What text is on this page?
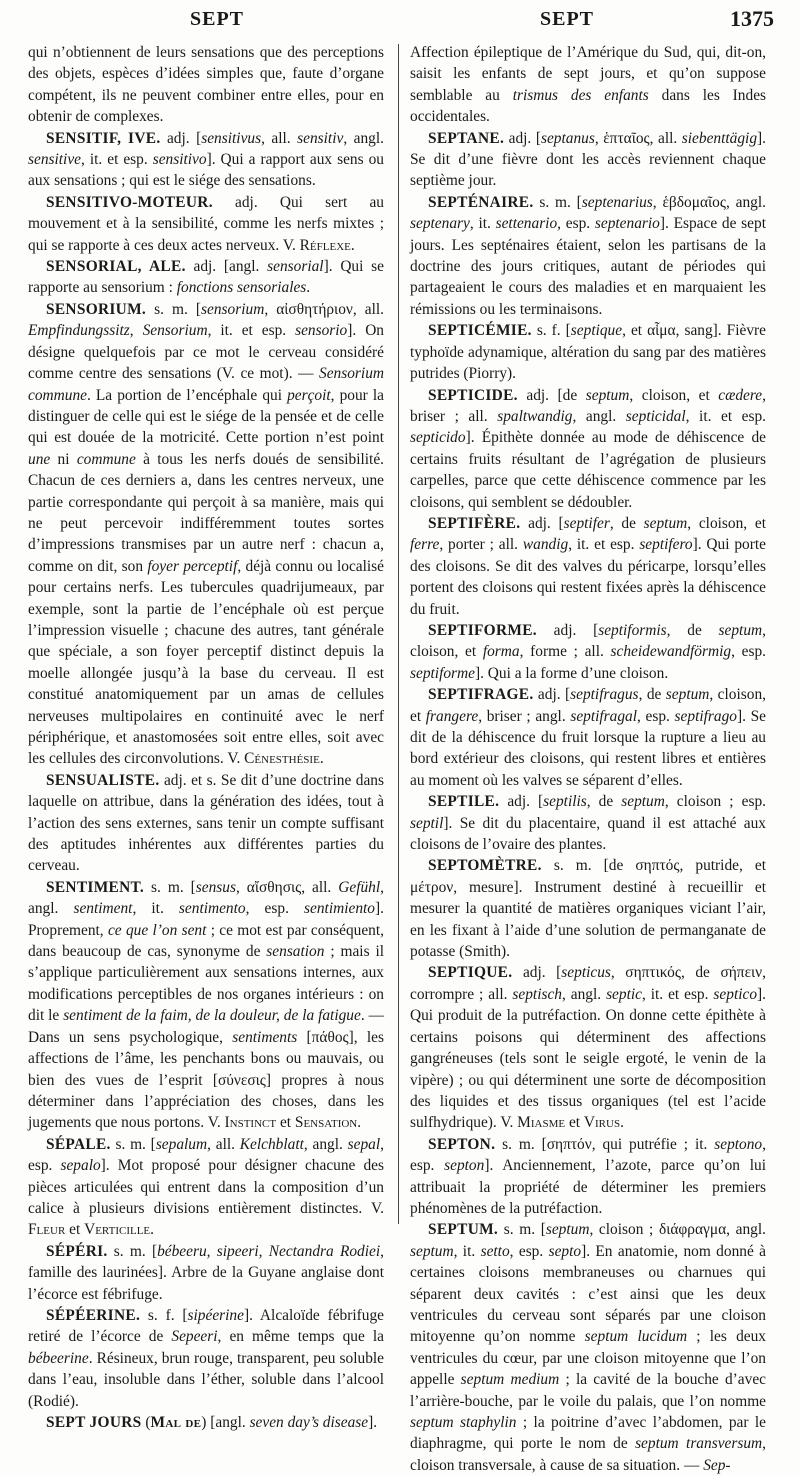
SEPT	SEPT	1375

qui n’obtiennent de leurs sensations que des perceptions des objets, espèces d’idées simples que, faute d’organe compétent, ils ne peuvent combiner entre elles, pour en obtenir de complexes.

SENSITIF, IVE. adj. [sensitivus, all. sensitiv, angl. sensitive, it. et esp. sensitivo]. Qui a rapport aux sens ou aux sensations ; qui est le siége des sensations.

SENSITIVO-MOTEUR. adj. Qui sert au mouvement et à la sensibilité, comme les nerfs mixtes ; qui se rapporte à ces deux actes nerveux. V. Réflexe.

SENSORIAL, ALE. adj. [angl. sensorial]. Qui se rapporte au sensorium : fonctions sensoriales.

SENSORIUM. s. m. [sensorium, αἰσθητήριον, all. Empfindungssitz, Sensorium, it. et esp. sensorio]. On désigne quelquefois par ce mot le cerveau considéré comme centre des sensations (V. ce mot). — Sensorium commune. La portion de l’encéphale qui perçoit, pour la distinguer de celle qui est le siége de la pensée et de celle qui est douée de la motricité. Cette portion n’est point une ni commune à tous les nerfs doués de sensibilité. Chacun de ces derniers a, dans les centres nerveux, une partie correspondante qui perçoit à sa manière, mais qui ne peut percevoir indifféremment toutes sortes d’impressions transmises par un autre nerf : chacun a, comme on dit, son foyer perceptif, déjà connu ou localisé pour certains nerfs. Les tubercules quadrijumeaux, par exemple, sont la partie de l’encéphale où est perçue l’impression visuelle ; chacune des autres, tant générale que spéciale, a son foyer perceptif distinct depuis la moelle allongée jusqu’à la base du cerveau. Il est constitué anatomiquement par un amas de cellules nerveuses multipolaires en continuité avec le nerf périphérique, et anastomosées soit entre elles, soit avec les cellules des circonvolutions. V. Cénesthésie.

SENSUALISTE. adj. et s. Se dit d’une doctrine dans laquelle on attribue, dans la génération des idées, tout à l’action des sens externes, sans tenir un compte suffisant des aptitudes inhérentes aux différentes parties du cerveau.

SENTIMENT. s. m. [sensus, αἴσθησις, all. Gefühl, angl. sentiment, it. sentimento, esp. sentimiento]. Proprement, ce que l’on sent ; ce mot est par conséquent, dans beaucoup de cas, synonyme de sensation ; mais il s’applique particulièrement aux sensations internes, aux modifications perceptibles de nos organes intérieurs : on dit le sentiment de la faim, de la douleur, de la fatigue. — Dans un sens psychologique, sentiments [πάθος], les affections de l’âme, les penchants bons ou mauvais, ou bien des vues de l’esprit [σύνεσις] propres à nous déterminer dans l’appréciation des choses, dans les jugements que nous portons. V. Instinct et Sensation.

SÉPALE. s. m. [sepalum, all. Kelchblatt, angl. sepal, esp. sepalo]. Mot proposé pour désigner chacune des pièces articulées qui entrent dans la composition d’un calice à plusieurs divisions entièrement distinctes. V. Fleur et Verticille.

SÉPÉRI. s. m. [bébeeru, sipeeri, Nectandra Rodiei, famille des laurinées]. Arbre de la Guyane anglaise dont l’écorce est fébrifuge.

SÉPÉERINE. s. f. [sipéerine]. Alcaloïde fébrifuge retiré de l’écorce de Sepeeri, en même temps que la bébeerine. Résineux, brun rouge, transparent, peu soluble dans l’eau, insoluble dans l’éther, soluble dans l’alcool (Rodié).

SEPT JOURS (Mal de) [angl. seven day’s disease].

Affection épileptique de l’Amérique du Sud, qui, dit-on, saisit les enfants de sept jours, et qu’on suppose semblable au trismus des enfants dans les Indes occidentales.

SEPTANE. adj. [septanus, ἑπταῖος, all. siebenttägig]. Se dit d’une fièvre dont les accès reviennent chaque septième jour.

SEPTÉNAIRE. s. m. [septenarius, ἑβδομαῖος, angl. septenary, it. settenario, esp. septenario]. Espace de sept jours. Les septénaires étaient, selon les partisans de la doctrine des jours critiques, autant de périodes qui partageaient le cours des maladies et en marquaient les rémissions ou les terminaisons.

SEPTICÉMIE. s. f. [septique, et αἷμα, sang]. Fièvre typhoïde adynamique, altération du sang par des matières putrides (Piorry).

SEPTICIDE. adj. [de septum, cloison, et cædere, briser ; all. spaltwandig, angl. septicidal, it. et esp. septicido]. Épithète donnée au mode de déhiscence de certains fruits résultant de l’agrégation de plusieurs carpelles, parce que cette déhiscence commence par les cloisons, qui semblent se dédoubler.

SEPTIFÈRE. adj. [septifer, de septum, cloison, et ferre, porter ; all. wandig, it. et esp. septifero]. Qui porte des cloisons. Se dit des valves du péricarpe, lorsqu’elles portent des cloisons qui restent fixées après la déhiscence du fruit.

SEPTIFORME. adj. [septiformis, de septum, cloison, et forma, forme ; all. scheidewandförmig, esp. septiforme]. Qui a la forme d’une cloison.

SEPTIFRAGE. adj. [septifragus, de septum, cloison, et frangere, briser ; angl. septifragal, esp. septifrago]. Se dit de la déhiscence du fruit lorsque la rupture a lieu au bord extérieur des cloisons, qui restent libres et entières au moment où les valves se séparent d’elles.

SEPTILE. adj. [septilis, de septum, cloison ; esp. septil]. Se dit du placentaire, quand il est attaché aux cloisons de l’ovaire des plantes.

SEPTOMÈTRE. s. m. [de σηπτός, putride, et μέτρον, mesure]. Instrument destiné à recueillir et mesurer la quantité de matières organiques viciant l’air, en les fixant à l’aide d’une solution de permanganate de potasse (Smith).

SEPTIQUE. adj. [septicus, σηπτικός, de σήπειν, corrompre ; all. septisch, angl. septic, it. et esp. septico]. Qui produit de la putréfaction. On donne cette épithète à certains poisons qui déterminent des affections gangréneuses (tels sont le seigle ergoté, le venin de la vipère) ; ou qui déterminent une sorte de décomposition des liquides et des tissus organiques (tel est l’acide sulfhydrique). V. Miasme et Virus.

SEPTON. s. m. [σηπτόν, qui putréfie ; it. septono, esp. septon]. Anciennement, l’azote, parce qu’on lui attribuait la propriété de déterminer les premiers phénomènes de la putréfaction.

SEPTUM. s. m. [septum, cloison ; διάφραγμα, angl. septum, it. setto, esp. septo]. En anatomie, nom donné à certaines cloisons membraneuses ou charnues qui séparent deux cavités : c’est ainsi que les deux ventricules du cerveau sont séparés par une cloison mitoyenne qu’on nomme septum lucidum ; les deux ventricules du cœur, par une cloison mitoyenne que l’on appelle septum medium ; la cavité de la bouche d’avec l’arrière-bouche, par le voile du palais, que l’on nomme septum staphylin ; la poitrine d’avec l’abdomen, par le diaphragme, qui porte le nom de septum transversum, cloison transversale, à cause de sa situation. — Sep-
